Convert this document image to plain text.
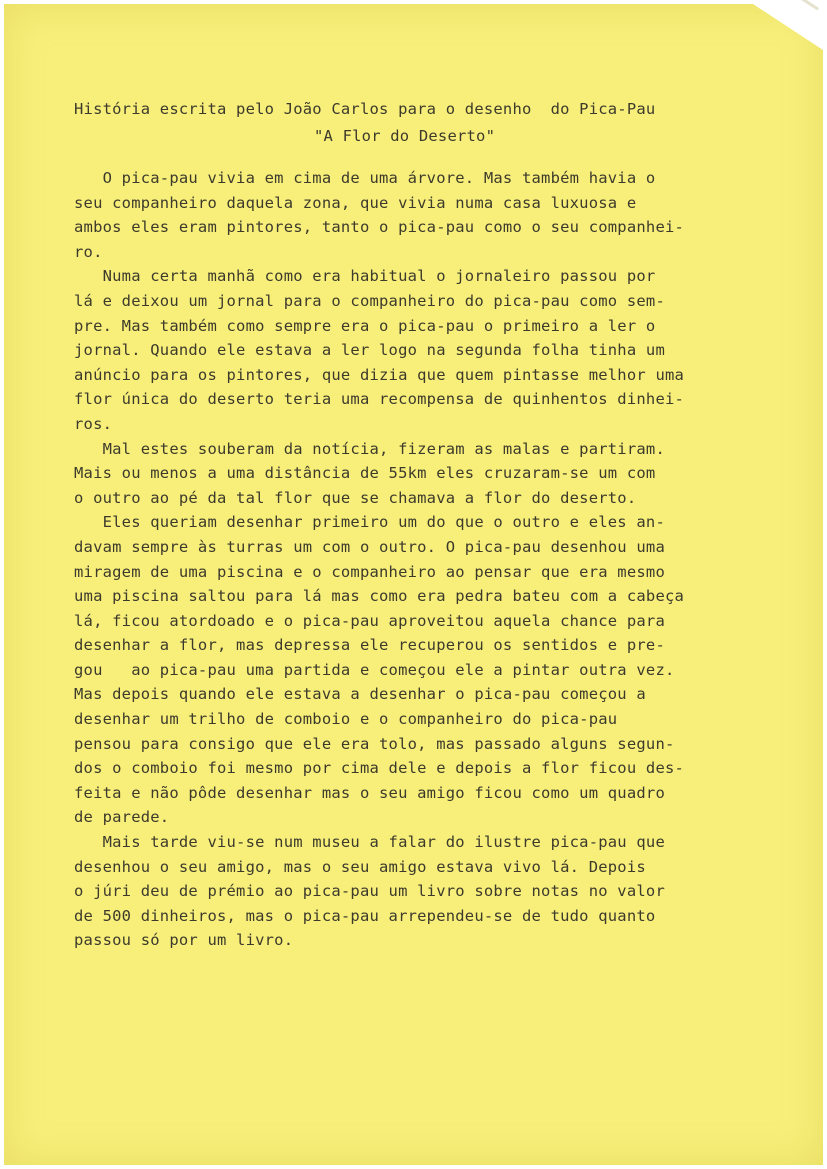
História escrita pelo João Carlos para o desenho  do Pica-Pau

"A Flor do Deserto"

O pica-pau vivia em cima de uma árvore. Mas também havia o
seu companheiro daquela zona, que vivia numa casa luxuosa e
ambos eles eram pintores, tanto o pica-pau como o seu companhei-
ro.
Numa certa manhã como era habitual o jornaleiro passou por
lá e deixou um jornal para o companheiro do pica-pau como sem-
pre. Mas também como sempre era o pica-pau o primeiro a ler o
jornal. Quando ele estava a ler logo na segunda folha tinha um
anúncio para os pintores, que dizia que quem pintasse melhor uma
flor única do deserto teria uma recompensa de quinhentos dinhei-
ros.
Mal estes souberam da notícia, fizeram as malas e partiram.
Mais ou menos a uma distância de 55km eles cruzaram-se um com
o outro ao pé da tal flor que se chamava a flor do deserto.
Eles queriam desenhar primeiro um do que o outro e eles an-
davam sempre às turras um com o outro. O pica-pau desenhou uma
miragem de uma piscina e o companheiro ao pensar que era mesmo
uma piscina saltou para lá mas como era pedra bateu com a cabeça
lá, ficou atordoado e o pica-pau aproveitou aquela chance para
desenhar a flor, mas depressa ele recuperou os sentidos e pre-
gou   ao pica-pau uma partida e começou ele a pintar outra vez.
Mas depois quando ele estava a desenhar o pica-pau começou a
desenhar um trilho de comboio e o companheiro do pica-pau
pensou para consigo que ele era tolo, mas passado alguns segun-
dos o comboio foi mesmo por cima dele e depois a flor ficou des-
feita e não pôde desenhar mas o seu amigo ficou como um quadro
de parede.
Mais tarde viu-se num museu a falar do ilustre pica-pau que
desenhou o seu amigo, mas o seu amigo estava vivo lá. Depois
o júri deu de prémio ao pica-pau um livro sobre notas no valor
de 500 dinheiros, mas o pica-pau arrependeu-se de tudo quanto
passou só por um livro.
